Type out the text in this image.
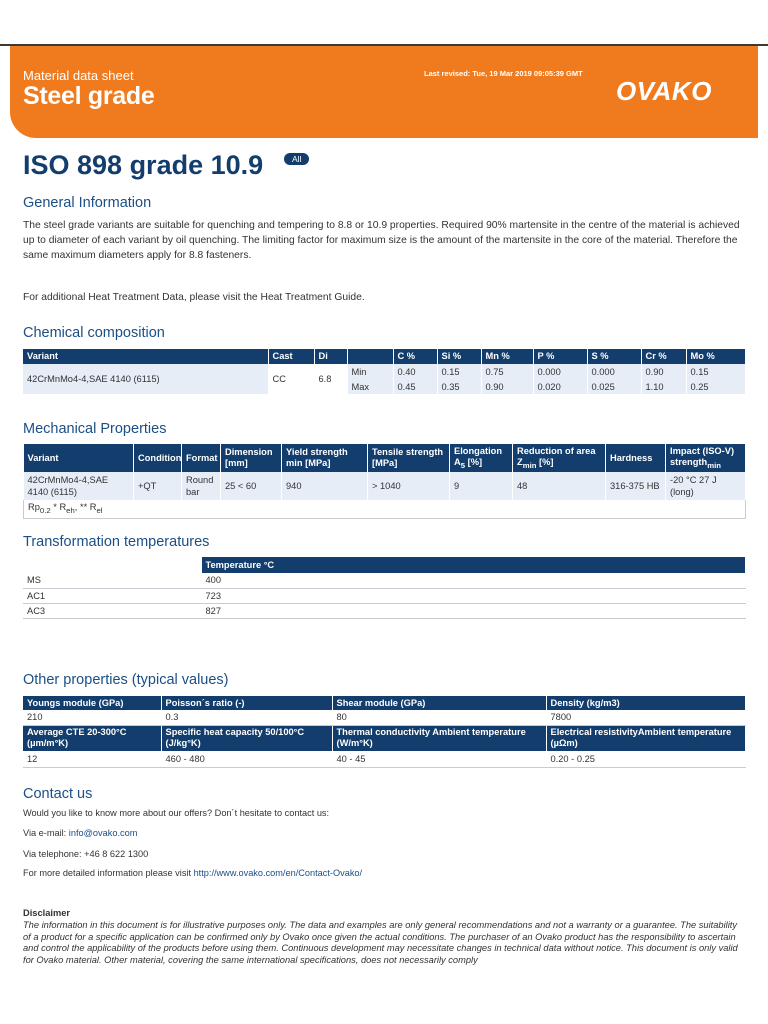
Material data sheet
Steel grade
Last revised: Tue, 19 Mar 2019 09:05:39 GMT
OVAKO
ISO 898 grade 10.9	All
General Information
The steel grade variants are suitable for quenching and tempering to 8.8 or 10.9 properties. Required 90% martensite in the centre of the material is achieved up to diameter of each variant by oil quenching. The limiting factor for maximum size is the amount of the martensite in the core of the material. Therefore the same maximum diameters apply for 8.8 fasteners.
For additional Heat Treatment Data, please visit the Heat Treatment Guide.
Chemical composition
Variant	Cast	Di		C %	Si %	Mn %	P %	S %	Cr %	Mo %
42CrMnMo4-4,SAE 4140 (6115)	CC	6.8	Min	0.40	0.15	0.75	0.000	0.000	0.90	0.15
			Max	0.45	0.35	0.90	0.020	0.025	1.10	0.25
Mechanical Properties
Variant	Condition	Format	Dimension [mm]	Yield strength min [MPa]	Tensile strength [MPa]	Elongation
$A_5$ [%]	Reduction of area
$Z_{min}$ [%]	Hardness	Impact (ISO-V)
strength$_{min}$
42CrMnMo4-4,SAE 4140 (6115)	+QT	Round bar	25 < 60	940	> 1040	9	48	316-375 HB	-20 °C 27 J (long)
$Rp_{0.2} * R_{eh}$, ** $R_{el}$
Transformation temperatures
	Temperature °C
MS	400
AC1	723
AC3	827
Other properties (typical values)
Youngs module (GPa)	Poisson´s ratio (-)	Shear module (GPa)	Density (kg/m3)
210	0.3	80	7800
Average CTE 20-300°C (µm/m°K)	Specific heat capacity 50/100°C (J/kg°K)	Thermal conductivity Ambient temperature (W/m°K)	Electrical resistivityAmbient temperature (µΩm)
12	460 - 480	40 - 45	0.20 - 0.25
Contact us
Would you like to know more about our offers? Don´t hesitate to contact us:
Via e-mail: info@ovako.com
Via telephone: +46 8 622 1300
For more detailed information please visit http://www.ovako.com/en/Contact-Ovako/
Disclaimer
The information in this document is for illustrative purposes only. The data and examples are only general recommendations and not a warranty or a guarantee. The suitability of a product for a specific application can be confirmed only by Ovako once given the actual conditions. The purchaser of an Ovako product has the responsibility to ascertain and control the applicability of the products before using them. Continuous development may necessitate changes in technical data without notice. This document is only valid for Ovako material. Other material, covering the same international specifications, does not necessarily comply
